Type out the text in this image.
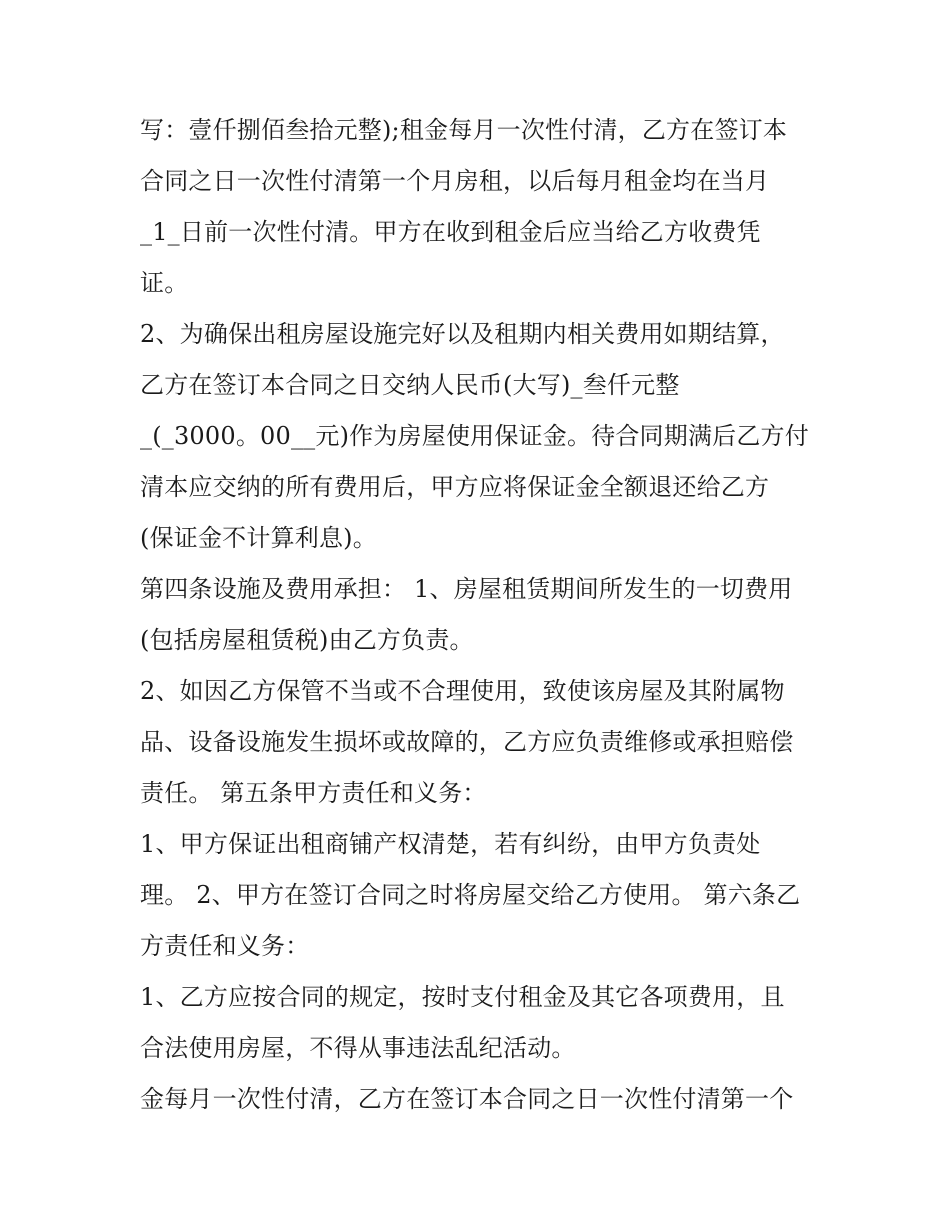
写：壹仟捌佰叁拾元整);租金每月一次性付清，乙方在签订本
合同之日一次性付清第一个月房租，以后每月租金均在当月
_1_日前一次性付清。甲方在收到租金后应当给乙方收费凭
证。
2、为确保出租房屋设施完好以及租期内相关费用如期结算，
乙方在签订本合同之日交纳人民币(大写)_叁仟元整
_(_3000。00__元)作为房屋使用保证金。待合同期满后乙方付
清本应交纳的所有费用后，甲方应将保证金全额退还给乙方
(保证金不计算利息)。
第四条设施及费用承担： 1、房屋租赁期间所发生的一切费用
(包括房屋租赁税)由乙方负责。
2、如因乙方保管不当或不合理使用，致使该房屋及其附属物
品、设备设施发生损坏或故障的，乙方应负责维修或承担赔偿
责任。 第五条甲方责任和义务：
1、甲方保证出租商铺产权清楚，若有纠纷，由甲方负责处
理。 2、甲方在签订合同之时将房屋交给乙方使用。 第六条乙
方责任和义务：
1、乙方应按合同的规定，按时支付租金及其它各项费用，且
合法使用房屋，不得从事违法乱纪活动。
金每月一次性付清，乙方在签订本合同之日一次性付清第一个
